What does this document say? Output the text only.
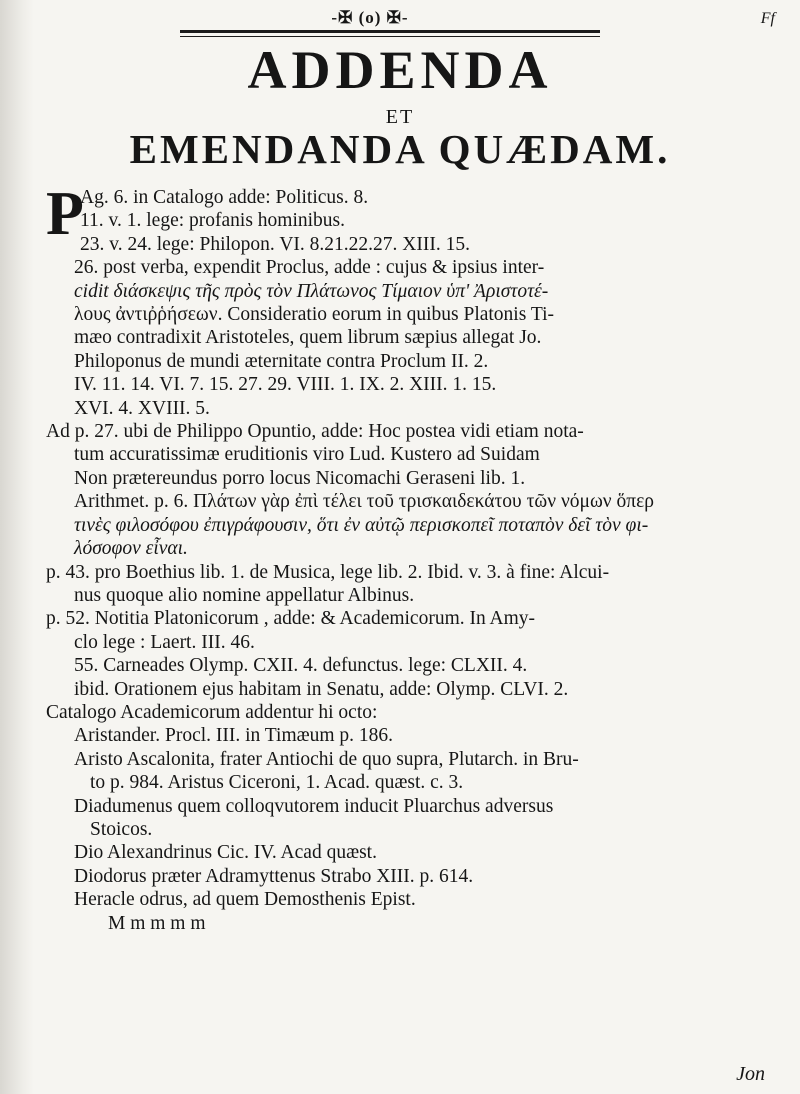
-✠ (o) ✠-	Ff
ADDENDA
ET
EMENDANDA QUÆDAM.
P
Ag. 6. in Catalogo adde: Politicus. 8.
11. v. 1. lege: profanis hominibus.
23. v. 24. lege: Philopon. VI. 8.21.22.27. XIII. 15.
26. post verba, expendit Proclus, adde : cujus & ipsius inter-
cidit διάσκεψις τῆς πρὸς τὸν Πλάτωνος Τίμαιον ὑπ' Ἀριστοτέ-
λους ἀντιῤῥήσεων. Consideratio eorum in quibus Platonis Ti-
mæo contradixit Aristoteles, quem librum sæpius allegat Jo.
Philoponus de mundi æternitate contra Proclum II. 2.
IV. 11. 14. VI. 7. 15. 27. 29. VIII. 1. IX. 2. XIII. 1. 15.
XVI. 4. XVIII. 5.
Ad p. 27. ubi de Philippo Opuntio, adde: Hoc postea vidi etiam nota-
tum accuratissimæ eruditionis viro Lud. Kustero ad Suidam
Non prætereundus porro locus Nicomachi Geraseni lib. 1.
Arithmet. p. 6. Πλάτων γὰρ ἐπὶ τέλει τοῦ τρισκαιδεκάτου τῶν νόμων ὅπερ
τινὲς φιλοσόφου ἐπιγράφουσιν, ὅτι ἐν αὐτῷ περισκοπεῖ ποταπὸν δεῖ τὸν φι-
λόσοφον εἶναι.
p. 43. pro Boethius lib. 1. de Musica, lege lib. 2. Ibid. v. 3. à fine: Alcui-
nus quoque alio nomine appellatur Albinus.
p. 52. Notitia Platonicorum , adde: & Academicorum. In Amy-
clo lege : Laert. III. 46.
55. Carneades Olymp. CXII. 4. defunctus. lege: CLXII. 4.
ibid. Orationem ejus habitam in Senatu, adde: Olymp. CLVI. 2.
Catalogo Academicorum addentur hi octo:
Aristander. Procl. III. in Timæum p. 186.
Aristo Ascalonita, frater Antiochi de quo supra, Plutarch. in Bru-
to p. 984. Aristus Ciceroni, 1. Acad. quæst. c. 3.
Diadumenus quem colloqvutorem inducit Pluarchus adversus
Stoicos.
Dio Alexandrinus Cic. IV. Acad quæst.
Diodorus præter Adramyttenus Strabo XIII. p. 614.
Heracle odrus, ad quem Demosthenis Epist.
M m m m m
Jon
